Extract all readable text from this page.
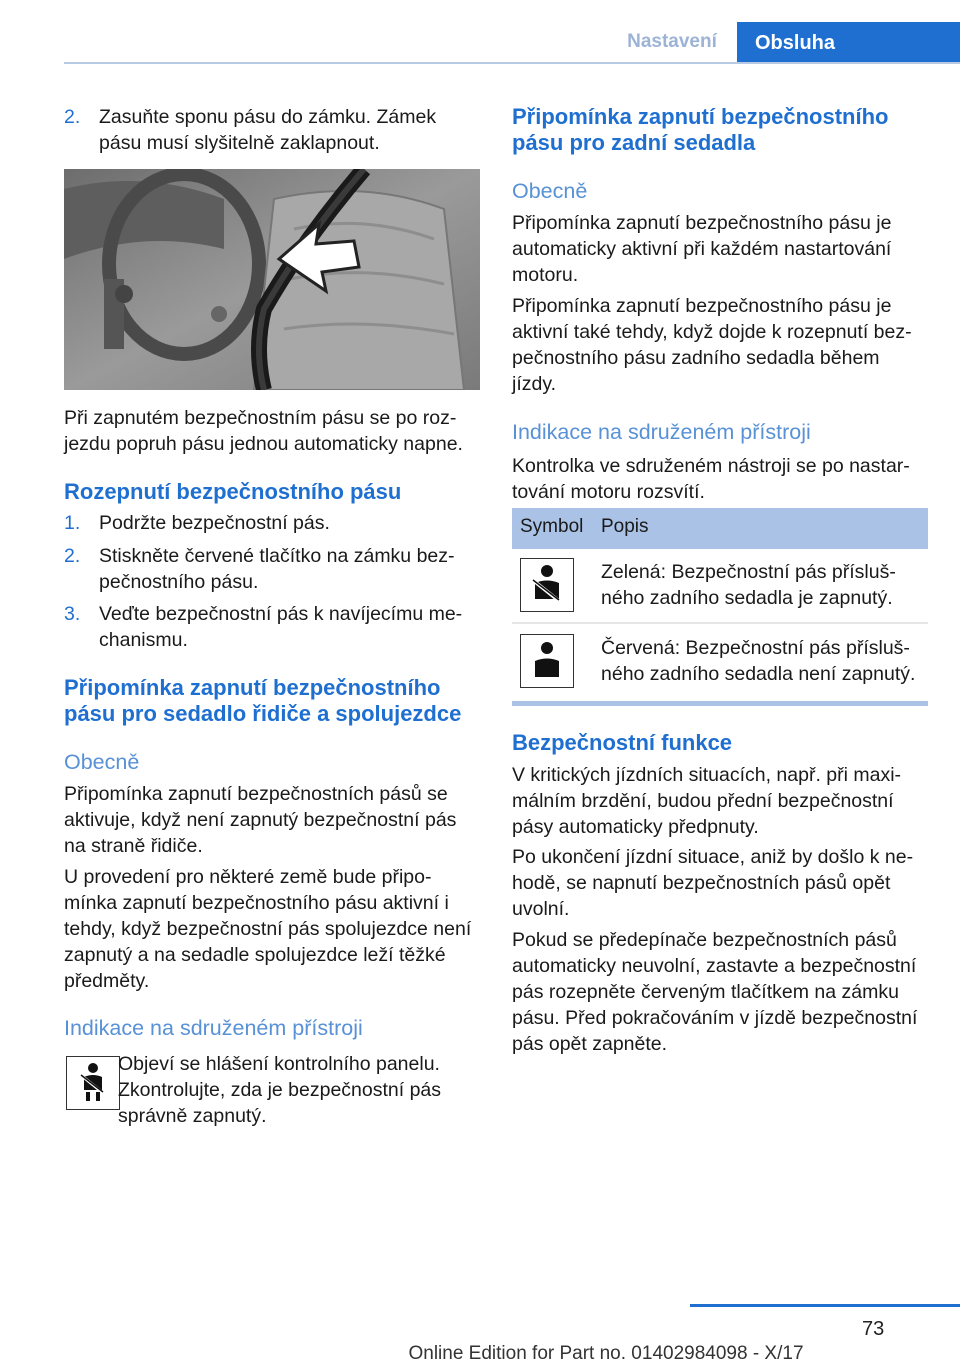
Nastavení	Obsluha
2. Zasuňte sponu pásu do zámku. Zámek
pásu musí slyšitelně zaklapnout.
Při zapnutém bezpečnostním pásu se po roz‐
jezdu popruh pásu jednou automaticky napne.
Rozepnutí bezpečnostního pásu
1. Podržte bezpečnostní pás.
2. Stiskněte červené tlačítko na zámku bez‐
pečnostního pásu.
3. Veďte bezpečnostní pás k navíjecímu me‐
chanismu.
Připomínka zapnutí bezpečnostního
pásu pro sedadlo řidiče a spolujezdce
Obecně
Připomínka zapnutí bezpečnostních pásů se
aktivuje, když není zapnutý bezpečnostní pás
na straně řidiče.
U provedení pro některé země bude připo‐
mínka zapnutí bezpečnostního pásu aktivní i
tehdy, když bezpečnostní pás spolujezdce není
zapnutý a na sedadle spolujezdce leží těžké
předměty.
Indikace na sdruženém přístroji
Objeví se hlášení kontrolního panelu.
Zkontrolujte, zda je bezpečnostní pás
správně zapnutý.
Připomínka zapnutí bezpečnostního
pásu pro zadní sedadla
Obecně
Připomínka zapnutí bezpečnostního pásu je
automaticky aktivní při každém nastartování
motoru.
Připomínka zapnutí bezpečnostního pásu je
aktivní také tehdy, když dojde k rozepnutí bez‐
pečnostního pásu zadního sedadla během
jízdy.
Indikace na sdruženém přístroji
Kontrolka ve sdruženém nástroji se po nastar‐
tování motoru rozsvítí.
Symbol Popis
Zelená: Bezpečnostní pás přísluš‐
ného zadního sedadla je zapnutý.
Červená: Bezpečnostní pás přísluš‐
ného zadního sedadla není zapnutý.
Bezpečnostní funkce
V kritických jízdních situacích, např. při maxi‐
málním brzdění, budou přední bezpečnostní
pásy automaticky předpnuty.
Po ukončení jízdní situace, aniž by došlo k ne‐
hodě, se napnutí bezpečnostních pásů opět
uvolní.
Pokud se předepínače bezpečnostních pásů
automaticky neuvolní, zastavte a bezpečnostní
pás rozepněte červeným tlačítkem na zámku
pásu. Před pokračováním v jízdě bezpečnostní
pás opět zapněte.
73
Online Edition for Part no. 01402984098 - X/17
